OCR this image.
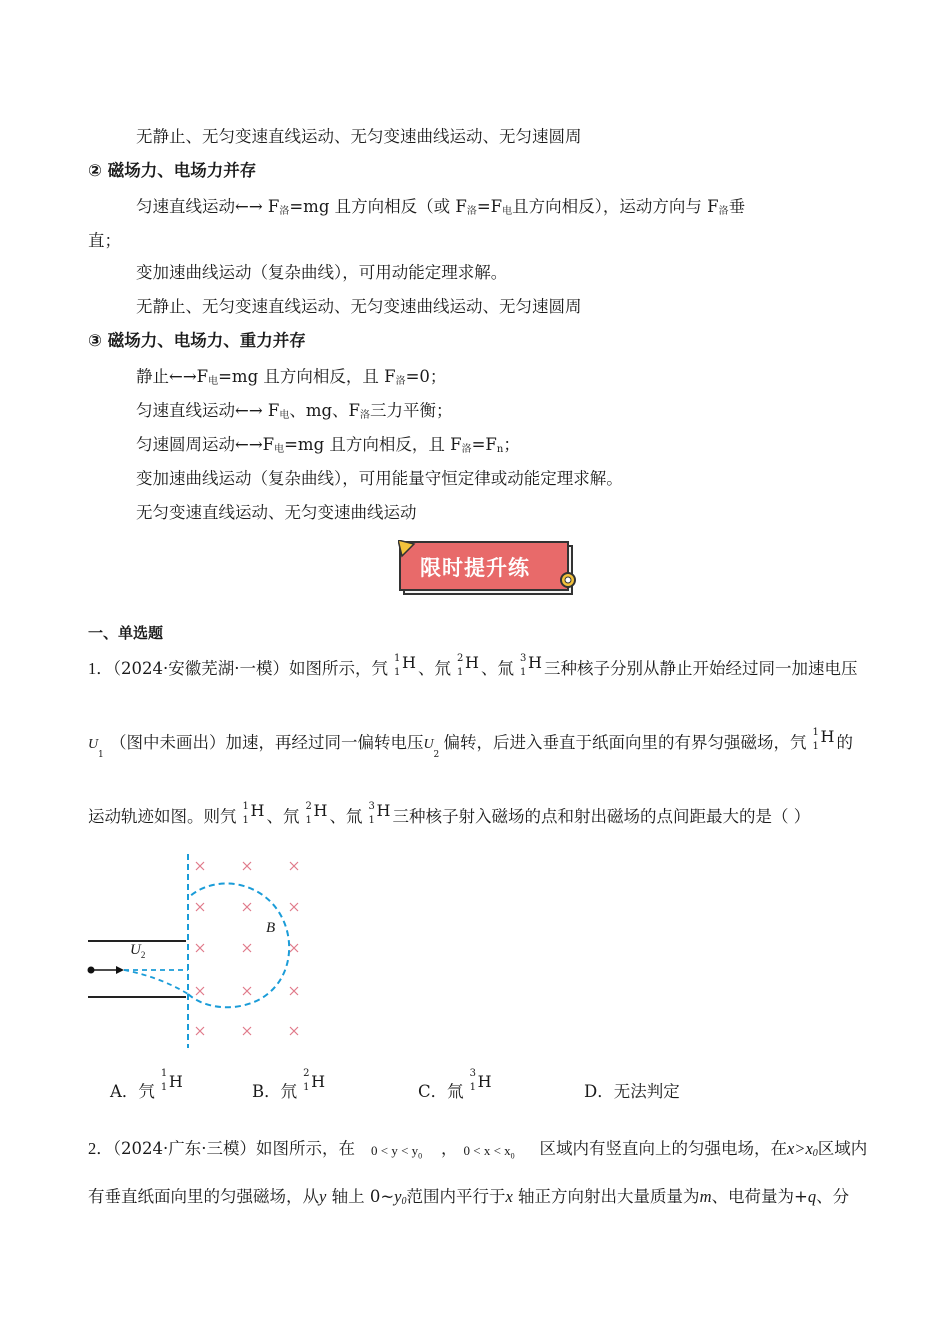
无静止、无匀变速直线运动、无匀变速曲线运动、无匀速圆周
② 磁场力、电场力并存
匀速直线运动←→ $F_洛=mg$ 且方向相反（或 $F_洛=F_电$且方向相反），运动方向与 $F_洛$垂
直；
变加速曲线运动（复杂曲线），可用动能定理求解。
无静止、无匀变速直线运动、无匀变速曲线运动、无匀速圆周
③ 磁场力、电场力、重力并存
静止$\leftarrow\to F_电=mg$ 且方向相反，且 $F_洛=0$；
匀速直线运动←→ $F_电$、mg、$F_洛$三力平衡；
匀速圆周运动$\leftarrow\to F_电=mg$ 且方向相反，且 $F_洛=F_n$；
变加速曲线运动（复杂曲线），可用能量守恒定律或动能定理求解。
无匀变速直线运动、无匀变速曲线运动
限时提升练
一、单选题
1．（2024·安徽芜湖·一模）如图所示，氕
1
1
H 、氘
2
1
H 、氚
3
1
H 三种核子分别从静止开始经过同一加速电压
U
1
（图中未画出）加速，再经过同一偏转电压 U
2
偏转，后进入垂直于纸面向里的有界匀强磁场，氕
1
1
H 的
运动轨迹如图。则氕
1
1
H 、氘
2
1
H 、氚
3
1
H 三种核子射入磁场的点和射出磁场的点间距最大的是（ ）
$U_2$
B
A．氕
1
1 H
B．氘
2
1 H
C．氚
3
1 H
D．无法判定
2．（2024·广东·三模）如图所示，在 $0 < y < y_0$ ， $0 < x < x_0$ 区域内有竖直向上的匀强电场，在$x>x_0$区域内
有垂直纸面向里的匀强磁场，从y 轴上 $0\sim y_0$范围内平行于x 轴正方向射出大量质量为m、电荷量为+q、分
